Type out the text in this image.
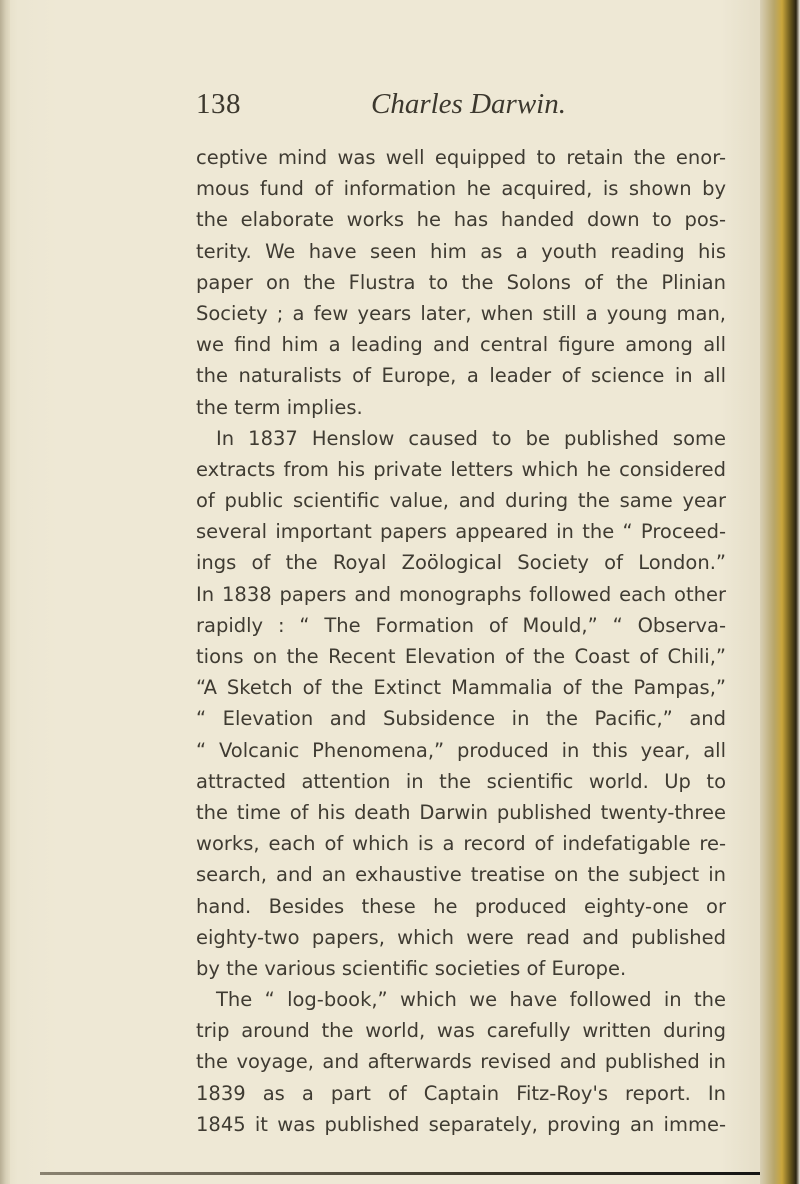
138	Charles Darwin.
ceptive mind was well equipped to retain the enor-
mous fund of information he acquired, is shown by
the elaborate works he has handed down to pos-
terity. We have seen him as a youth reading his
paper on the Flustra to the Solons of the Plinian
Society ; a few years later, when still a young man,
we find him a leading and central figure among all
the naturalists of Europe, a leader of science in all
the term implies.
In 1837 Henslow caused to be published some
extracts from his private letters which he considered
of public scientific value, and during the same year
several important papers appeared in the “ Proceed-
ings of the Royal Zoölogical Society of London.”
In 1838 papers and monographs followed each other
rapidly : “ The Formation of Mould,” “ Observa-
tions on the Recent Elevation of the Coast of Chili,”
“A Sketch of the Extinct Mammalia of the Pampas,”
“ Elevation and Subsidence in the Pacific,” and
“ Volcanic Phenomena,” produced in this year, all
attracted attention in the scientific world. Up to
the time of his death Darwin published twenty-three
works, each of which is a record of indefatigable re-
search, and an exhaustive treatise on the subject in
hand. Besides these he produced eighty-one or
eighty-two papers, which were read and published
by the various scientific societies of Europe.
The “ log-book,” which we have followed in the
trip around the world, was carefully written during
the voyage, and afterwards revised and published in
1839 as a part of Captain Fitz-Roy's report. In
1845 it was published separately, proving an imme-
